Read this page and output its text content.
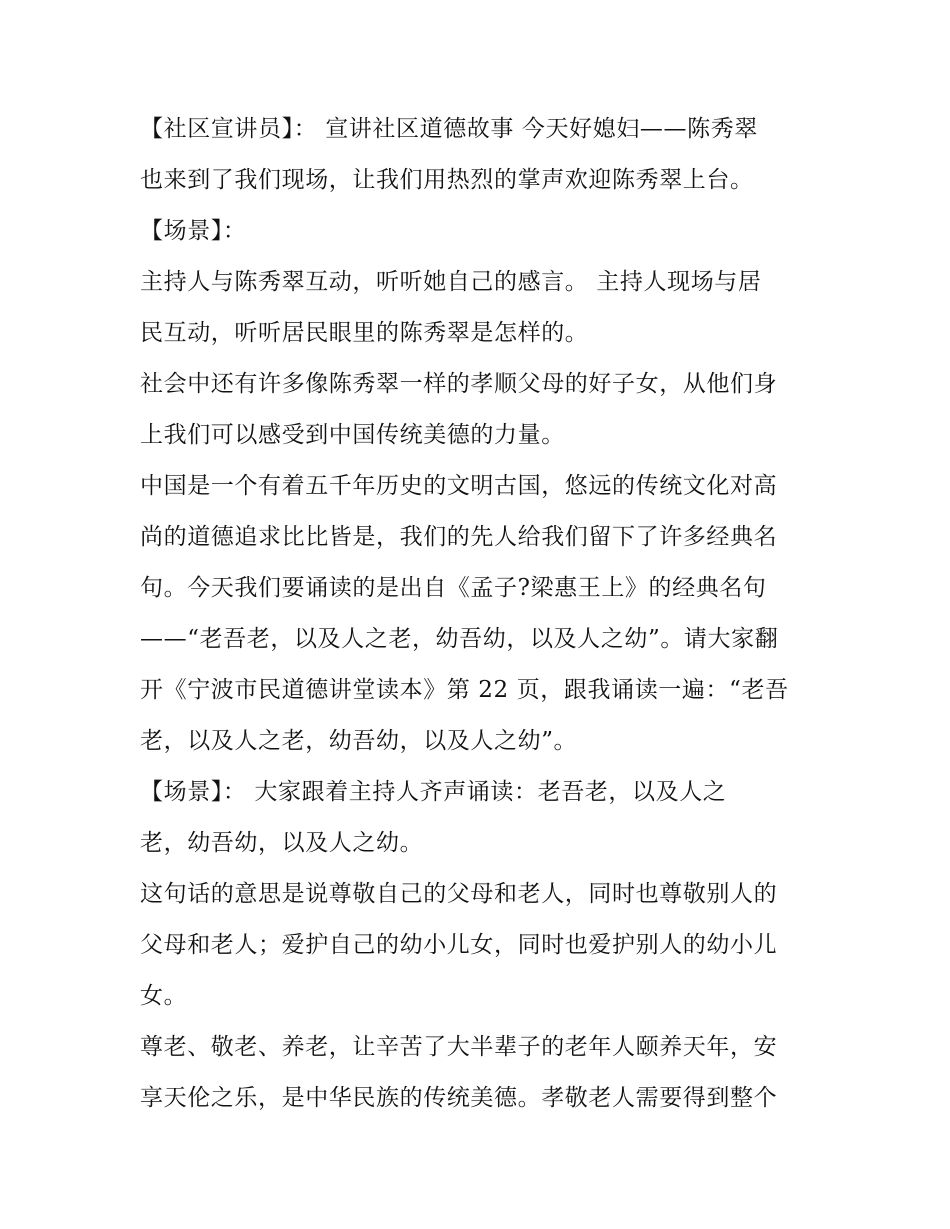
【社区宣讲员】： 宣讲社区道德故事 今天好媳妇——陈秀翠
也来到了我们现场，让我们用热烈的掌声欢迎陈秀翠上台。
【场景】：
主持人与陈秀翠互动，听听她自己的感言。 主持人现场与居
民互动，听听居民眼里的陈秀翠是怎样的。
社会中还有许多像陈秀翠一样的孝顺父母的好子女，从他们身
上我们可以感受到中国传统美德的力量。
中国是一个有着五千年历史的文明古国，悠远的传统文化对高
尚的道德追求比比皆是，我们的先人给我们留下了许多经典名
句。今天我们要诵读的是出自《孟子?梁惠王上》的经典名句
——“老吾老，以及人之老，幼吾幼，以及人之幼”。请大家翻
开《宁波市民道德讲堂读本》第 22 页，跟我诵读一遍：“老吾
老，以及人之老，幼吾幼，以及人之幼”。
【场景】： 大家跟着主持人齐声诵读：老吾老，以及人之
老，幼吾幼，以及人之幼。
这句话的意思是说尊敬自己的父母和老人，同时也尊敬别人的
父母和老人；爱护自己的幼小儿女，同时也爱护别人的幼小儿
女。
尊老、敬老、养老，让辛苦了大半辈子的老年人颐养天年，安
享天伦之乐，是中华民族的传统美德。孝敬老人需要得到整个
